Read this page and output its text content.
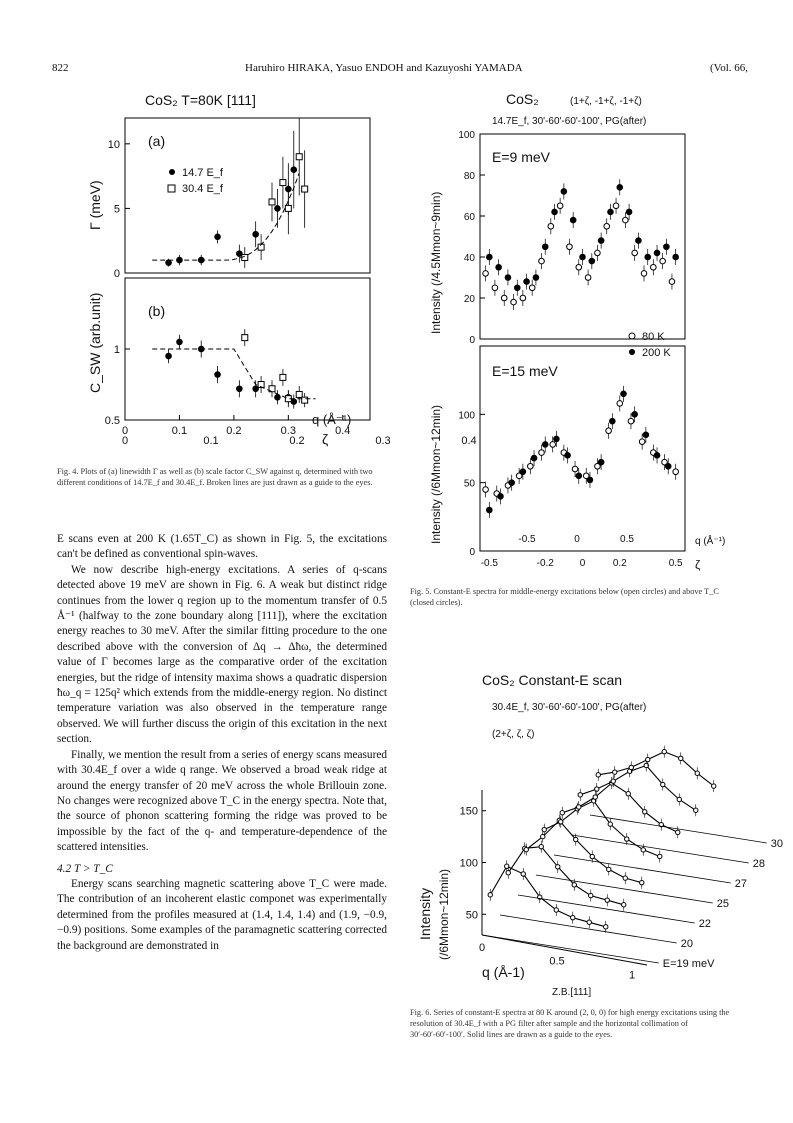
822	Haruhiro HIRAKA, Yasuo ENDOH and Kazuyoshi YAMADA	(Vol. 66,
CoS₂ T=80K [111]
(a)
(b)
Γ (meV)
C_SW (arb.unit)
14.7 E_f
30.4 E_f
0
5
10
0.5
1
0	0.1	0.2	0.3	0.4
0	0.1	0.2	0.3	0.4
q (Å⁻¹)
ζ
Fig. 4. Plots of (a) linewidth Γ as well as (b) scale factor C_SW against q, determined with two different conditions of 14.7E_f and 30.4E_f. Broken lines are just drawn as a guide to the eyes.

E scans even at 200 K (1.65T_C) as shown in Fig. 5, the excitations can't be defined as conventional spin-waves.

We now describe high-energy excitations. A series of q-scans detected above 19 meV are shown in Fig. 6. A weak but distinct ridge continues from the lower q region up to the momentum transfer of 0.5 Å⁻¹ (halfway to the zone boundary along [111]), where the excitation energy reaches to 30 meV. After the similar fitting procedure to the one described above with the conversion of Δq → Δħω, the determined value of Γ becomes large as the comparative order of the excitation energies, but the ridge of intensity maxima shows a quadratic dispersion ħω_q = 125q² which extends from the middle-energy region. No distinct temperature variation was also observed in the temperature range observed. We will further discuss the origin of this excitation in the next section.

Finally, we mention the result from a series of energy scans measured with 30.4E_f over a wide q range. We observed a broad weak ridge at around the energy transfer of 20 meV across the whole Brillouin zone. No changes were recognized above T_C in the energy spectra. Note that, the source of phonon scattering forming the ridge was proved to be impossible by the fact of the q- and temperature-dependence of the scattered intensities.

4.2 T > T_C

Energy scans searching magnetic scattering above T_C were made. The contribution of an incoherent elastic componet was experimentally determined from the profiles measured at (1.4, 1.4, 1.4) and (1.9, −0.9, −0.9) positions. Some examples of the paramagnetic scattering corrected the background are demonstrated in

CoS₂	(1+ζ, -1+ζ, -1+ζ)
14.7E_f, 30'-60'-60'-100', PG(after)
E=9 meV
E=15 meV
Intensity (/4.5Mmon~9min)
Intensity (/6Mmon~12min)
80 K
200 K
0
20
40
60
80
100
0
50
100
-0.5	0	0.5
-0.5	-0.2	0	0.2	0.5
q (Å⁻¹)
ζ
Fig. 5. Constant-E spectra for middle-energy excitations below (open circles) and above T_C (closed circles).
CoS₂ Constant-E scan
30.4E_f, 30'-60'-60'-100', PG(after)
(2+ζ, ζ, ζ)
Intensity (/6Mmon~12min) 50
100
150
0
0.5
1
E=19 meV
20
22
25
27
28
30
q (Å-1)
Z.B.[111]
Fig. 6. Series of constant-E spectra at 80 K around (2, 0, 0) for high energy excitations using the resolution of 30.4E_f with a PG filter after sample and the horizontal collimation of 30′-60′-60′-100′. Solid lines are drawn as a guide to the eyes.
